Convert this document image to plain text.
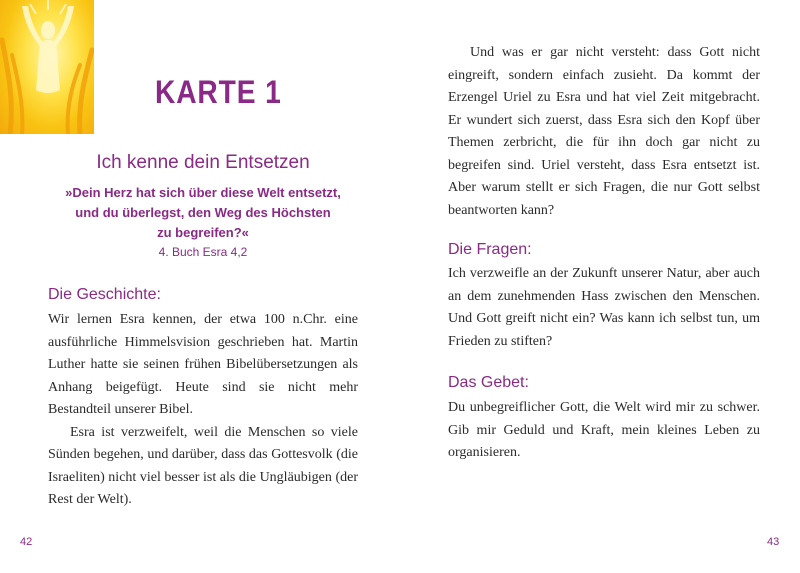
KARTE 1
Ich kenne dein Entsetzen
»Dein Herz hat sich über diese Welt entsetzt,
und du überlegst, den Weg des Höchsten
zu begreifen?«
4. Buch Esra 4,2
Die Geschichte:

Wir lernen Esra kennen, der etwa 100 n.Chr. eine ausführliche Himmelsvision geschrieben hat. Martin Luther hatte sie seinen frühen Bibelübersetzungen als Anhang beigefügt. Heute sind sie nicht mehr Bestandteil unserer Bibel.

Esra ist verzweifelt, weil die Menschen so viele Sünden begehen, und darüber, dass das Gottesvolk (die Israeliten) nicht viel besser ist als die Ungläubigen (der Rest der Welt).

42

Und was er gar nicht versteht: dass Gott nicht eingreift, sondern einfach zusieht. Da kommt der Erzengel Uriel zu Esra und hat viel Zeit mitgebracht. Er wundert sich zuerst, dass Esra sich den Kopf über Themen zerbricht, die für ihn doch gar nicht zu begreifen sind. Uriel versteht, dass Esra entsetzt ist. Aber warum stellt er sich Fragen, die nur Gott selbst beantworten kann?

Die Fragen:

Ich verzweifle an der Zukunft unserer Natur, aber auch an dem zunehmenden Hass zwischen den Menschen. Und Gott greift nicht ein? Was kann ich selbst tun, um Frieden zu stiften?

Das Gebet:

Du unbegreiflicher Gott, die Welt wird mir zu schwer. Gib mir Geduld und Kraft, mein kleines Leben zu organisieren.

43
